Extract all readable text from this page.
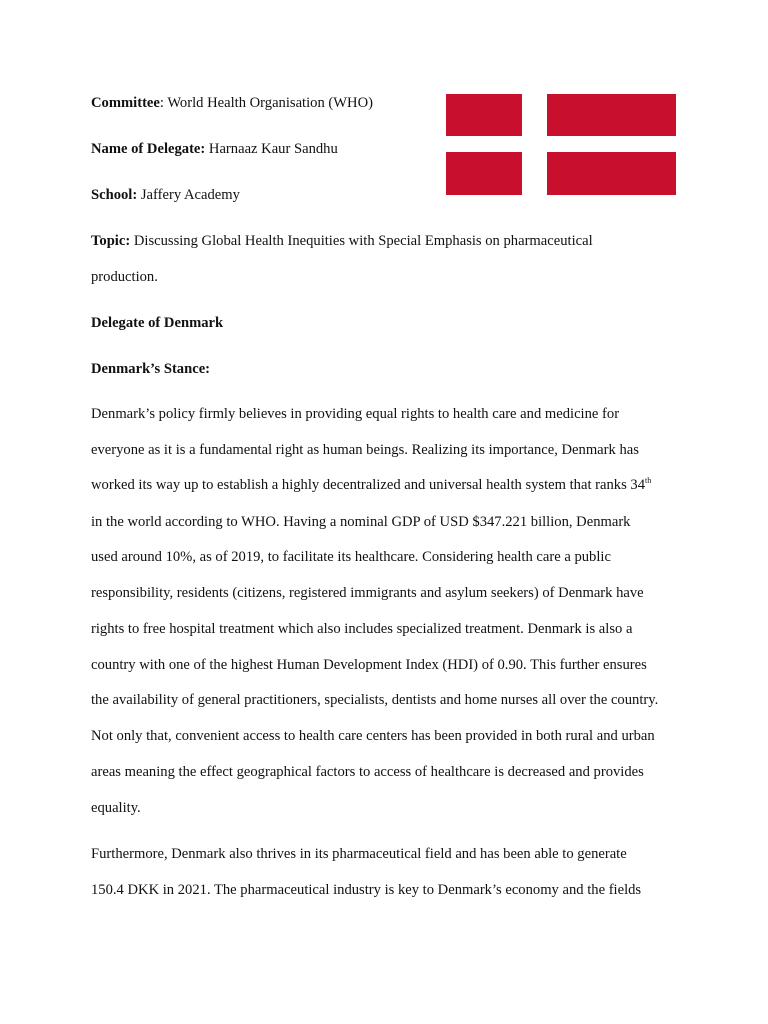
Committee: World Health Organisation (WHO)
Name of Delegate: Harnaaz Kaur Sandhu
School: Jaffery Academy
Topic: Discussing Global Health Inequities with Special Emphasis on pharmaceutical
production.
Delegate of Denmark
Denmark’s Stance:
Denmark’s policy firmly believes in providing equal rights to health care and medicine for
everyone as it is a fundamental right as human beings. Realizing its importance, Denmark has
worked its way up to establish a highly decentralized and universal health system that ranks 34th
in the world according to WHO. Having a nominal GDP of USD $347.221 billion, Denmark
used around 10%, as of 2019, to facilitate its healthcare. Considering health care a public
responsibility, residents (citizens, registered immigrants and asylum seekers) of Denmark have
rights to free hospital treatment which also includes specialized treatment. Denmark is also a
country with one of the highest Human Development Index (HDI) of 0.90. This further ensures
the availability of general practitioners, specialists, dentists and home nurses all over the country.
Not only that, convenient access to health care centers has been provided in both rural and urban
areas meaning the effect geographical factors to access of healthcare is decreased and provides
equality.
Furthermore, Denmark also thrives in its pharmaceutical field and has been able to generate
150.4 DKK in 2021. The pharmaceutical industry is key to Denmark’s economy and the fields
